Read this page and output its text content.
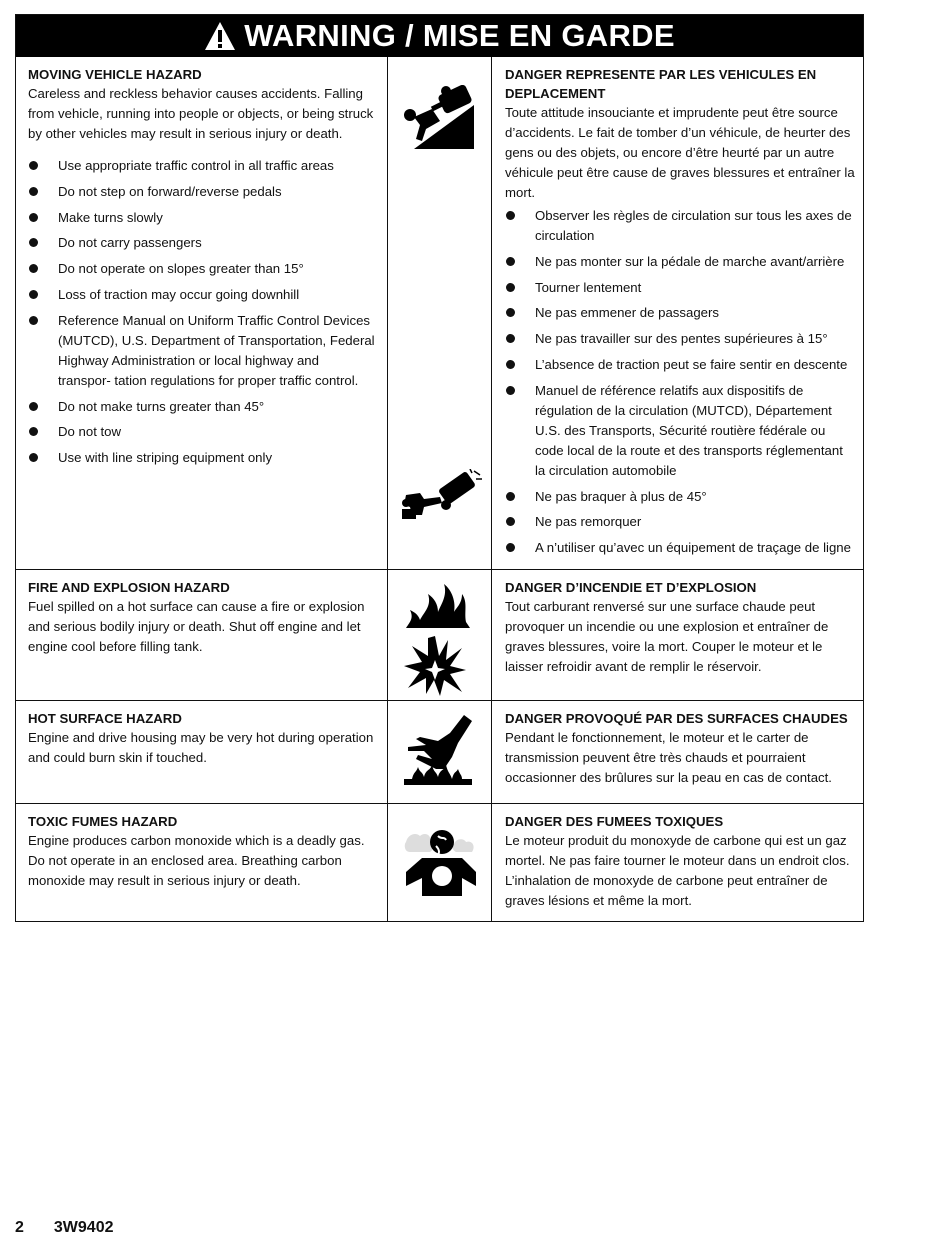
WARNING / MISE EN GARDE
MOVING VEHICLE HAZARD

Careless and reckless behavior causes accidents. Falling from vehicle, running into people or objects, or being struck by other vehicles may result in serious injury or death.

Use appropriate traffic control in all traffic areas
Do not step on forward/reverse pedals
Make turns slowly
Do not carry passengers
Do not operate on slopes greater than 15°
Loss of traction may occur going downhill
Reference Manual on Uniform Traffic Control Devices (MUTCD), U.S. Department of Transportation, Federal Highway Administration or local highway and transpor- tation regulations for proper traffic control.
Do not make turns greater than 45°
Do not tow
Use with line striping equipment only
DANGER REPRESENTE PAR LES VEHICULES EN DEPLACEMENT

Toute attitude insouciante et imprudente peut être source d’accidents. Le fait de tomber d’un véhicule, de heurter des gens ou des objets, ou encore d’être heurté par un autre véhicule peut être cause de graves blessures et entraîner la mort.

Observer les règles de circulation sur tous les axes de circulation
Ne pas monter sur la pédale de marche avant/arrière
Tourner lentement
Ne pas emmener de passagers
Ne pas travailler sur des pentes supérieures à 15°
L’absence de traction peut se faire sentir en descente
Manuel de référence relatifs aux dispositifs de régulation de la circulation (MUTCD), Département U.S. des Transports, Sécurité routière fédérale ou code local de la route et des transports réglementant la circulation automobile
Ne pas braquer à plus de 45°
Ne pas remorquer
A n’utiliser qu’avec un équipement de traçage de ligne
FIRE AND EXPLOSION HAZARD

Fuel spilled on a hot surface can cause a fire or explosion and serious bodily injury or death. Shut off engine and let engine cool before filling tank.

DANGER D’INCENDIE ET D’EXPLOSION

Tout carburant renversé sur une surface chaude peut provoquer un incendie ou une explosion et entraîner de graves blessures, voire la mort. Couper le moteur et le laisser refroidir avant de remplir le réservoir.

HOT SURFACE HAZARD

Engine and drive housing may be very hot during operation and could burn skin if touched.

DANGER PROVOQUÉ PAR DES SURFACES CHAUDES

Pendant le fonctionnement, le moteur et le carter de transmission peuvent être très chauds et pourraient occasionner des brûlures sur la peau en cas de contact.

TOXIC FUMES HAZARD

Engine produces carbon monoxide which is a deadly gas. Do not operate in an enclosed area. Breathing carbon monoxide may result in serious injury or death.

DANGER DES FUMEES TOXIQUES

Le moteur produit du monoxyde de carbone qui est un gaz mortel. Ne pas faire tourner le moteur dans un endroit clos. L’inhalation de monoxyde de carbone peut entraîner de graves lésions et même la mort.

2 3W9402
